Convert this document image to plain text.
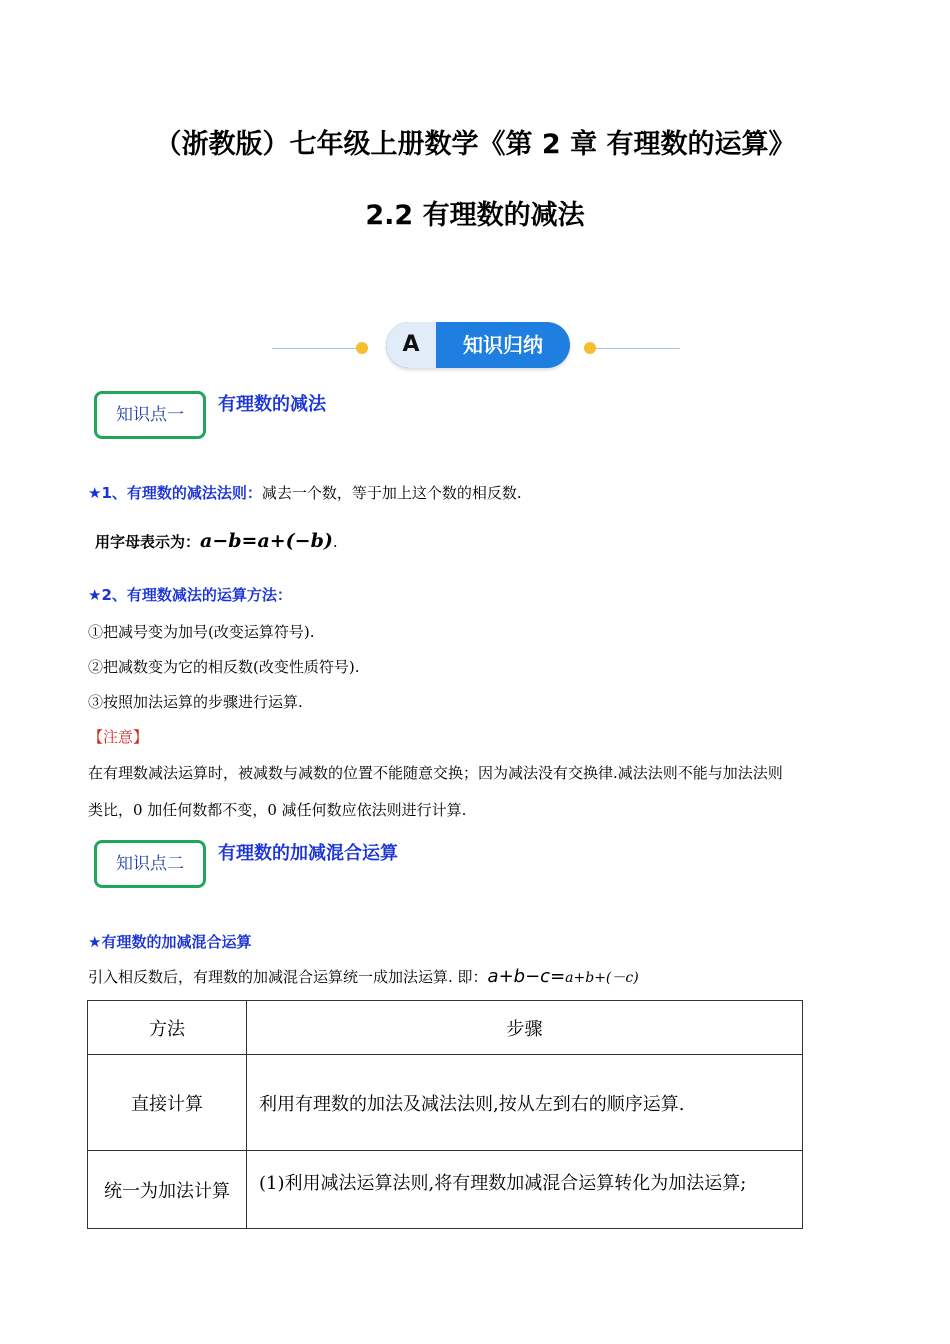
（浙教版）七年级上册数学《第 2 章 有理数的运算》
2.2 有理数的减法
A	知识归纳
知识点一	有理数的减法
★1、有理数的减法法则：减去一个数，等于加上这个数的相反数.
用字母表示为：a−b=a+(−b).
★2、有理数减法的运算方法：
①把减号变为加号(改变运算符号).
②把减数变为它的相反数(改变性质符号).
③按照加法运算的步骤进行运算.
【注意】
在有理数减法运算时，被减数与减数的位置不能随意交换；因为减法没有交换律.减法法则不能与加法法则
类比，0 加任何数都不变，0 减任何数应依法则进行计算.
知识点二	有理数的加减混合运算
★有理数的加减混合运算
引入相反数后，有理数的加减混合运算统一成加法运算. 即：a+b−c=a+b+(－c)
方法	步骤
直接计算	利用有理数的加法及减法法则,按从左到右的顺序运算.
统一为加法计算	(1)利用减法运算法则,将有理数加减混合运算转化为加法运算;
